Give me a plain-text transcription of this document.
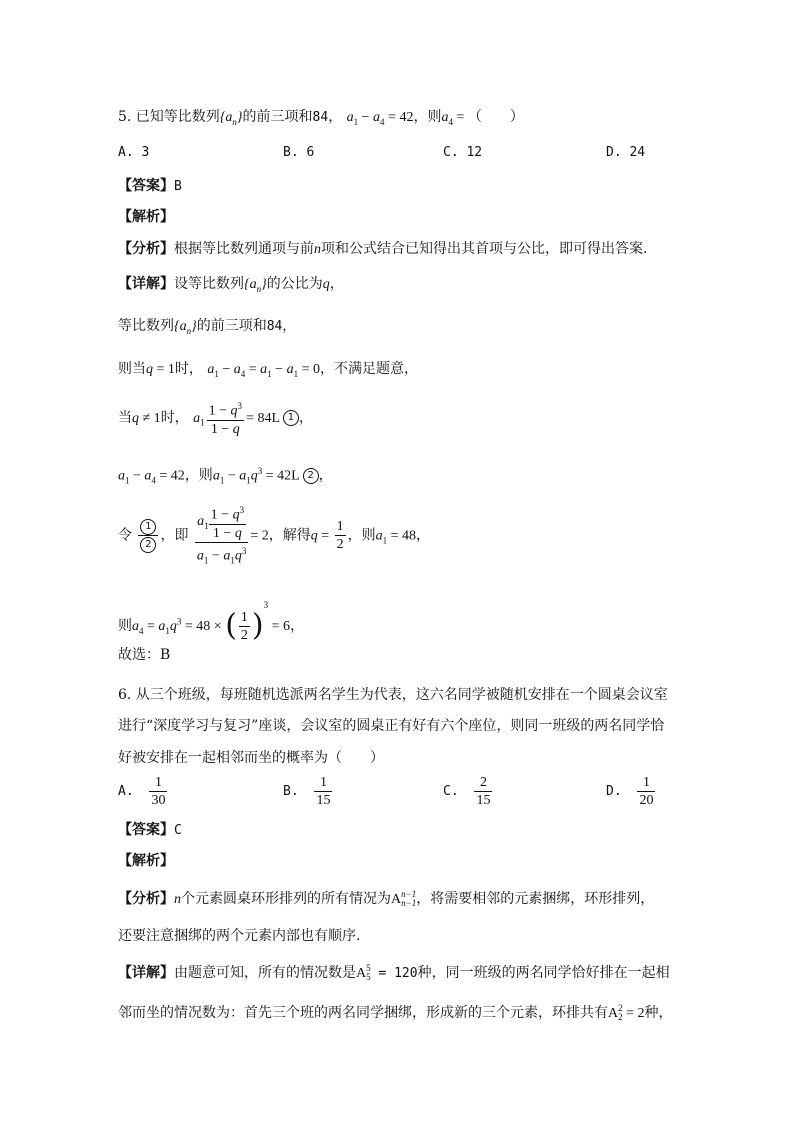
5. 已知等比数列$\{a_n\}$的前三项和84， $a_1 - a_4 = 42$，则$a_4$ = （　　）
A. 3	B. 6	C. 12	D. 24
【答案】B
【解析】
【分析】根据等比数列通项与前n项和公式结合已知得出其首项与公比，即可得出答案.
【详解】设等比数列$\{a_n\}$的公比为q，
等比数列$\{a_n\}$的前三项和84，
则当q = 1时， $a_1 - a_4 = a_1 - a_1 = 0$，不满足题意，
当q ≠ 1时， $a_1 \frac{1 - q^3}{1 - q} = 84L$ 1 ，
$a_1 - a_4 = 42$，则$a_1 - a_1q^3 = 42L$ 2 ，
令 $\frac{1}{2}$ ，即 $\frac{a_1 \frac{1 - q^3}{1 - q}}{a_1 - a_1q^3} = 2$，解得$q = \frac{1}{2}$ ，则$a_1 = 48$，
则$a_4 = a_1q^3 = 48$ × ( $\frac{1}{2} )^3 = 6$，
故选：B
6. 从三个班级，每班随机选派两名学生为代表，这六名同学被随机安排在一个圆桌会议室
进行“深度学习与复习”座谈，会议室的圆桌正有好有六个座位，则同一班级的两名同学恰
好被安排在一起相邻而坐的概率为（　　）
A. $\frac{1}{30}$	B. $\frac{1}{15}$	C. $\frac{2}{15}$	D. $\frac{1}{20}$
【答案】C
【解析】
【分析】n个元素圆桌环形排列的所有情况为A n−1
n−1 ，将需要相邻的元素捆绑，环形排列，
还要注意捆绑的两个元素内部也有顺序.
【详解】由题意可知，所有的情况数是A 5
5 = 120种，同一班级的两名同学恰好排在一起相
邻而坐的情况数为：首先三个班的两名同学捆绑，形成新的三个元素，环排共有A 2
2 = 2种，
